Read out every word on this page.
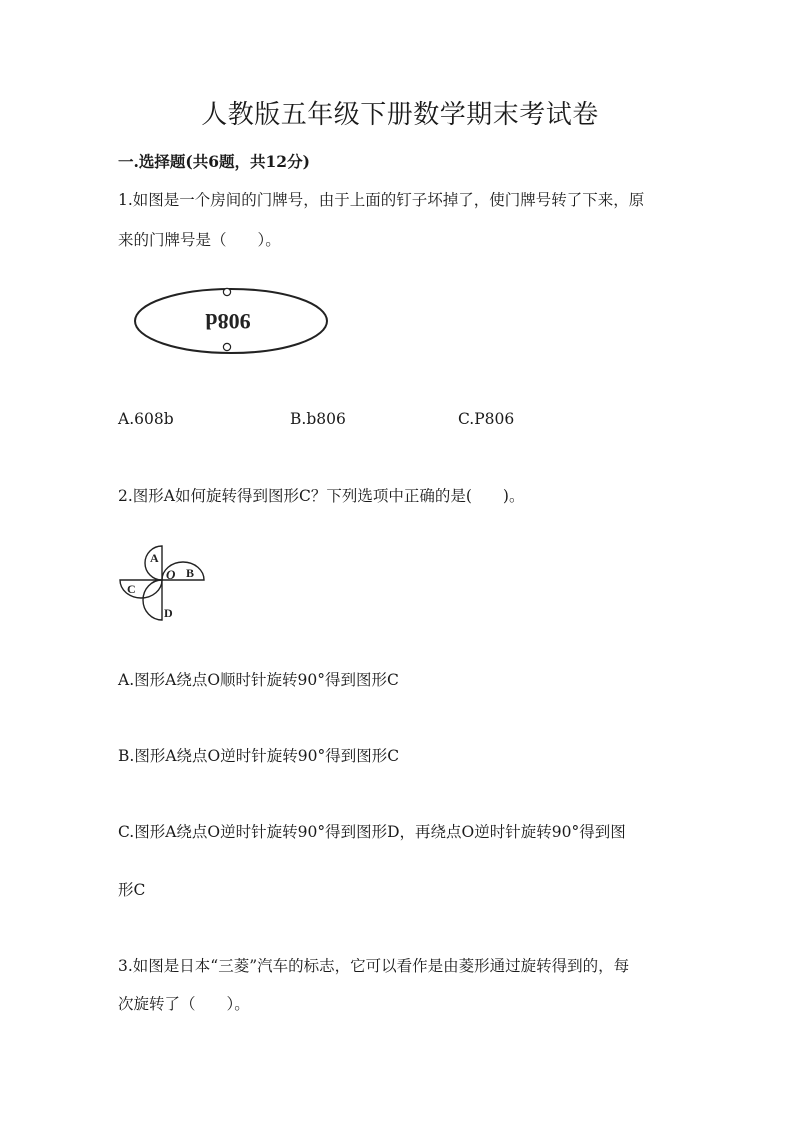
人教版五年级下册数学期末考试卷
一.选择题(共6题，共12分)
1.如图是一个房间的门牌号，由于上面的钉子坏掉了，使门牌号转了下来，原
来的门牌号是（　　）。
908d
A.608b	B.b806	C.P806
2.图形A如何旋转得到图形C？下列选项中正确的是(　　)。
A
O B
C
D
A.图形A绕点O顺时针旋转90°得到图形C
B.图形A绕点O逆时针旋转90°得到图形C
C.图形A绕点O逆时针旋转90°得到图形D，再绕点O逆时针旋转90°得到图
形C
3.如图是日本“三菱”汽车的标志，它可以看作是由菱形通过旋转得到的，每
次旋转了（　　）。
